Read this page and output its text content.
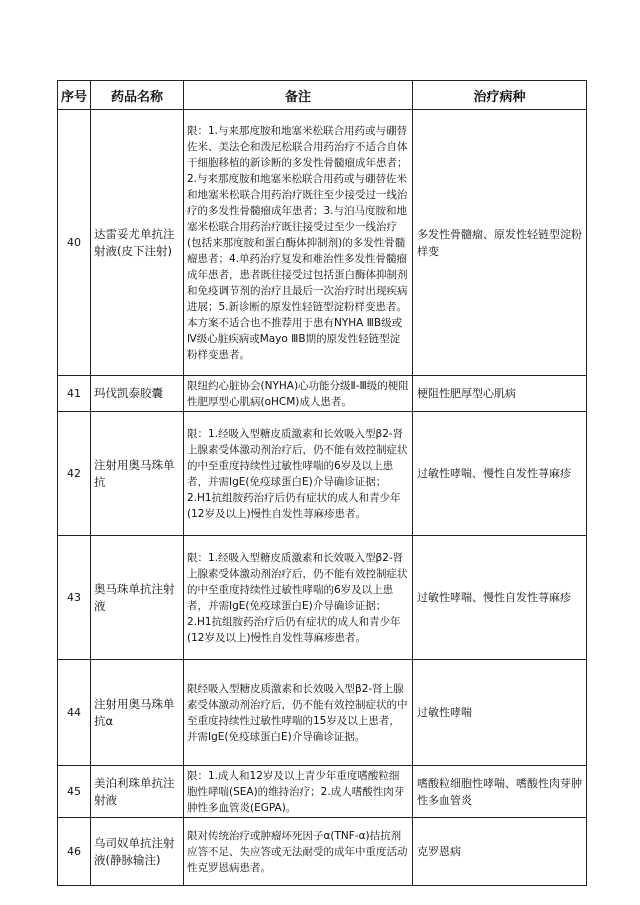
序号	药品名称	备注	治疗病种
40	达雷妥尤单抗注射液(皮下注射)	限：1.与来那度胺和地塞米松联合用药或与硼替佐米、美法仑和泼尼松联合用药治疗不适合自体干细胞移植的新诊断的多发性骨髓瘤成年患者；2.与来那度胺和地塞米松联合用药或与硼替佐米和地塞米松联合用药治疗既往至少接受过一线治疗的多发性骨髓瘤成年患者；3.与泊马度胺和地塞米松联合用药治疗既往接受过至少一线治疗(包括来那度胺和蛋白酶体抑制剂)的多发性骨髓瘤患者；4.单药治疗复发和难治性多发性骨髓瘤成年患者，患者既往接受过包括蛋白酶体抑制剂和免疫调节剂的治疗且最后一次治疗时出现疾病进展；5.新诊断的原发性轻链型淀粉样变患者。本方案不适合也不推荐用于患有NYHA ⅢB级或Ⅳ级心脏疾病或Mayo ⅢB期的原发性轻链型淀粉样变患者。	多发性骨髓瘤、原发性轻链型淀粉样变
41	玛伐凯泰胶囊	限纽约心脏协会(NYHA)心功能分级Ⅱ-Ⅲ级的梗阻性肥厚型心肌病(oHCM)成人患者。	梗阻性肥厚型心肌病
42	注射用奥马珠单抗	限：1.经吸入型糖皮质激素和长效吸入型β2-肾上腺素受体激动剂治疗后，仍不能有效控制症状的中至重度持续性过敏性哮喘的6岁及以上患者，并需IgE(免疫球蛋白E)介导确诊证据；2.H1抗组胺药治疗后仍有症状的成人和青少年(12岁及以上)慢性自发性荨麻疹患者。	过敏性哮喘、慢性自发性荨麻疹
43	奥马珠单抗注射液	限：1.经吸入型糖皮质激素和长效吸入型β2-肾上腺素受体激动剂治疗后，仍不能有效控制症状的中至重度持续性过敏性哮喘的6岁及以上患者，并需IgE(免疫球蛋白E)介导确诊证据；2.H1抗组胺药治疗后仍有症状的成人和青少年(12岁及以上)慢性自发性荨麻疹患者。	过敏性哮喘、慢性自发性荨麻疹
44	注射用奥马珠单抗α	限经吸入型糖皮质激素和长效吸入型β2-肾上腺素受体激动剂治疗后，仍不能有效控制症状的中至重度持续性过敏性哮喘的15岁及以上患者，并需IgE(免疫球蛋白E)介导确诊证据。	过敏性哮喘
45	美泊利珠单抗注射液	限：1.成人和12岁及以上青少年重度嗜酸粒细胞性哮喘(SEA)的维持治疗；2.成人嗜酸性肉芽肿性多血管炎(EGPA)。	嗜酸粒细胞性哮喘、嗜酸性肉芽肿性多血管炎
46	乌司奴单抗注射液(静脉输注)	限对传统治疗或肿瘤坏死因子α(TNF-α)拮抗剂应答不足、失应答或无法耐受的成年中重度活动性克罗恩病患者。	克罗恩病
